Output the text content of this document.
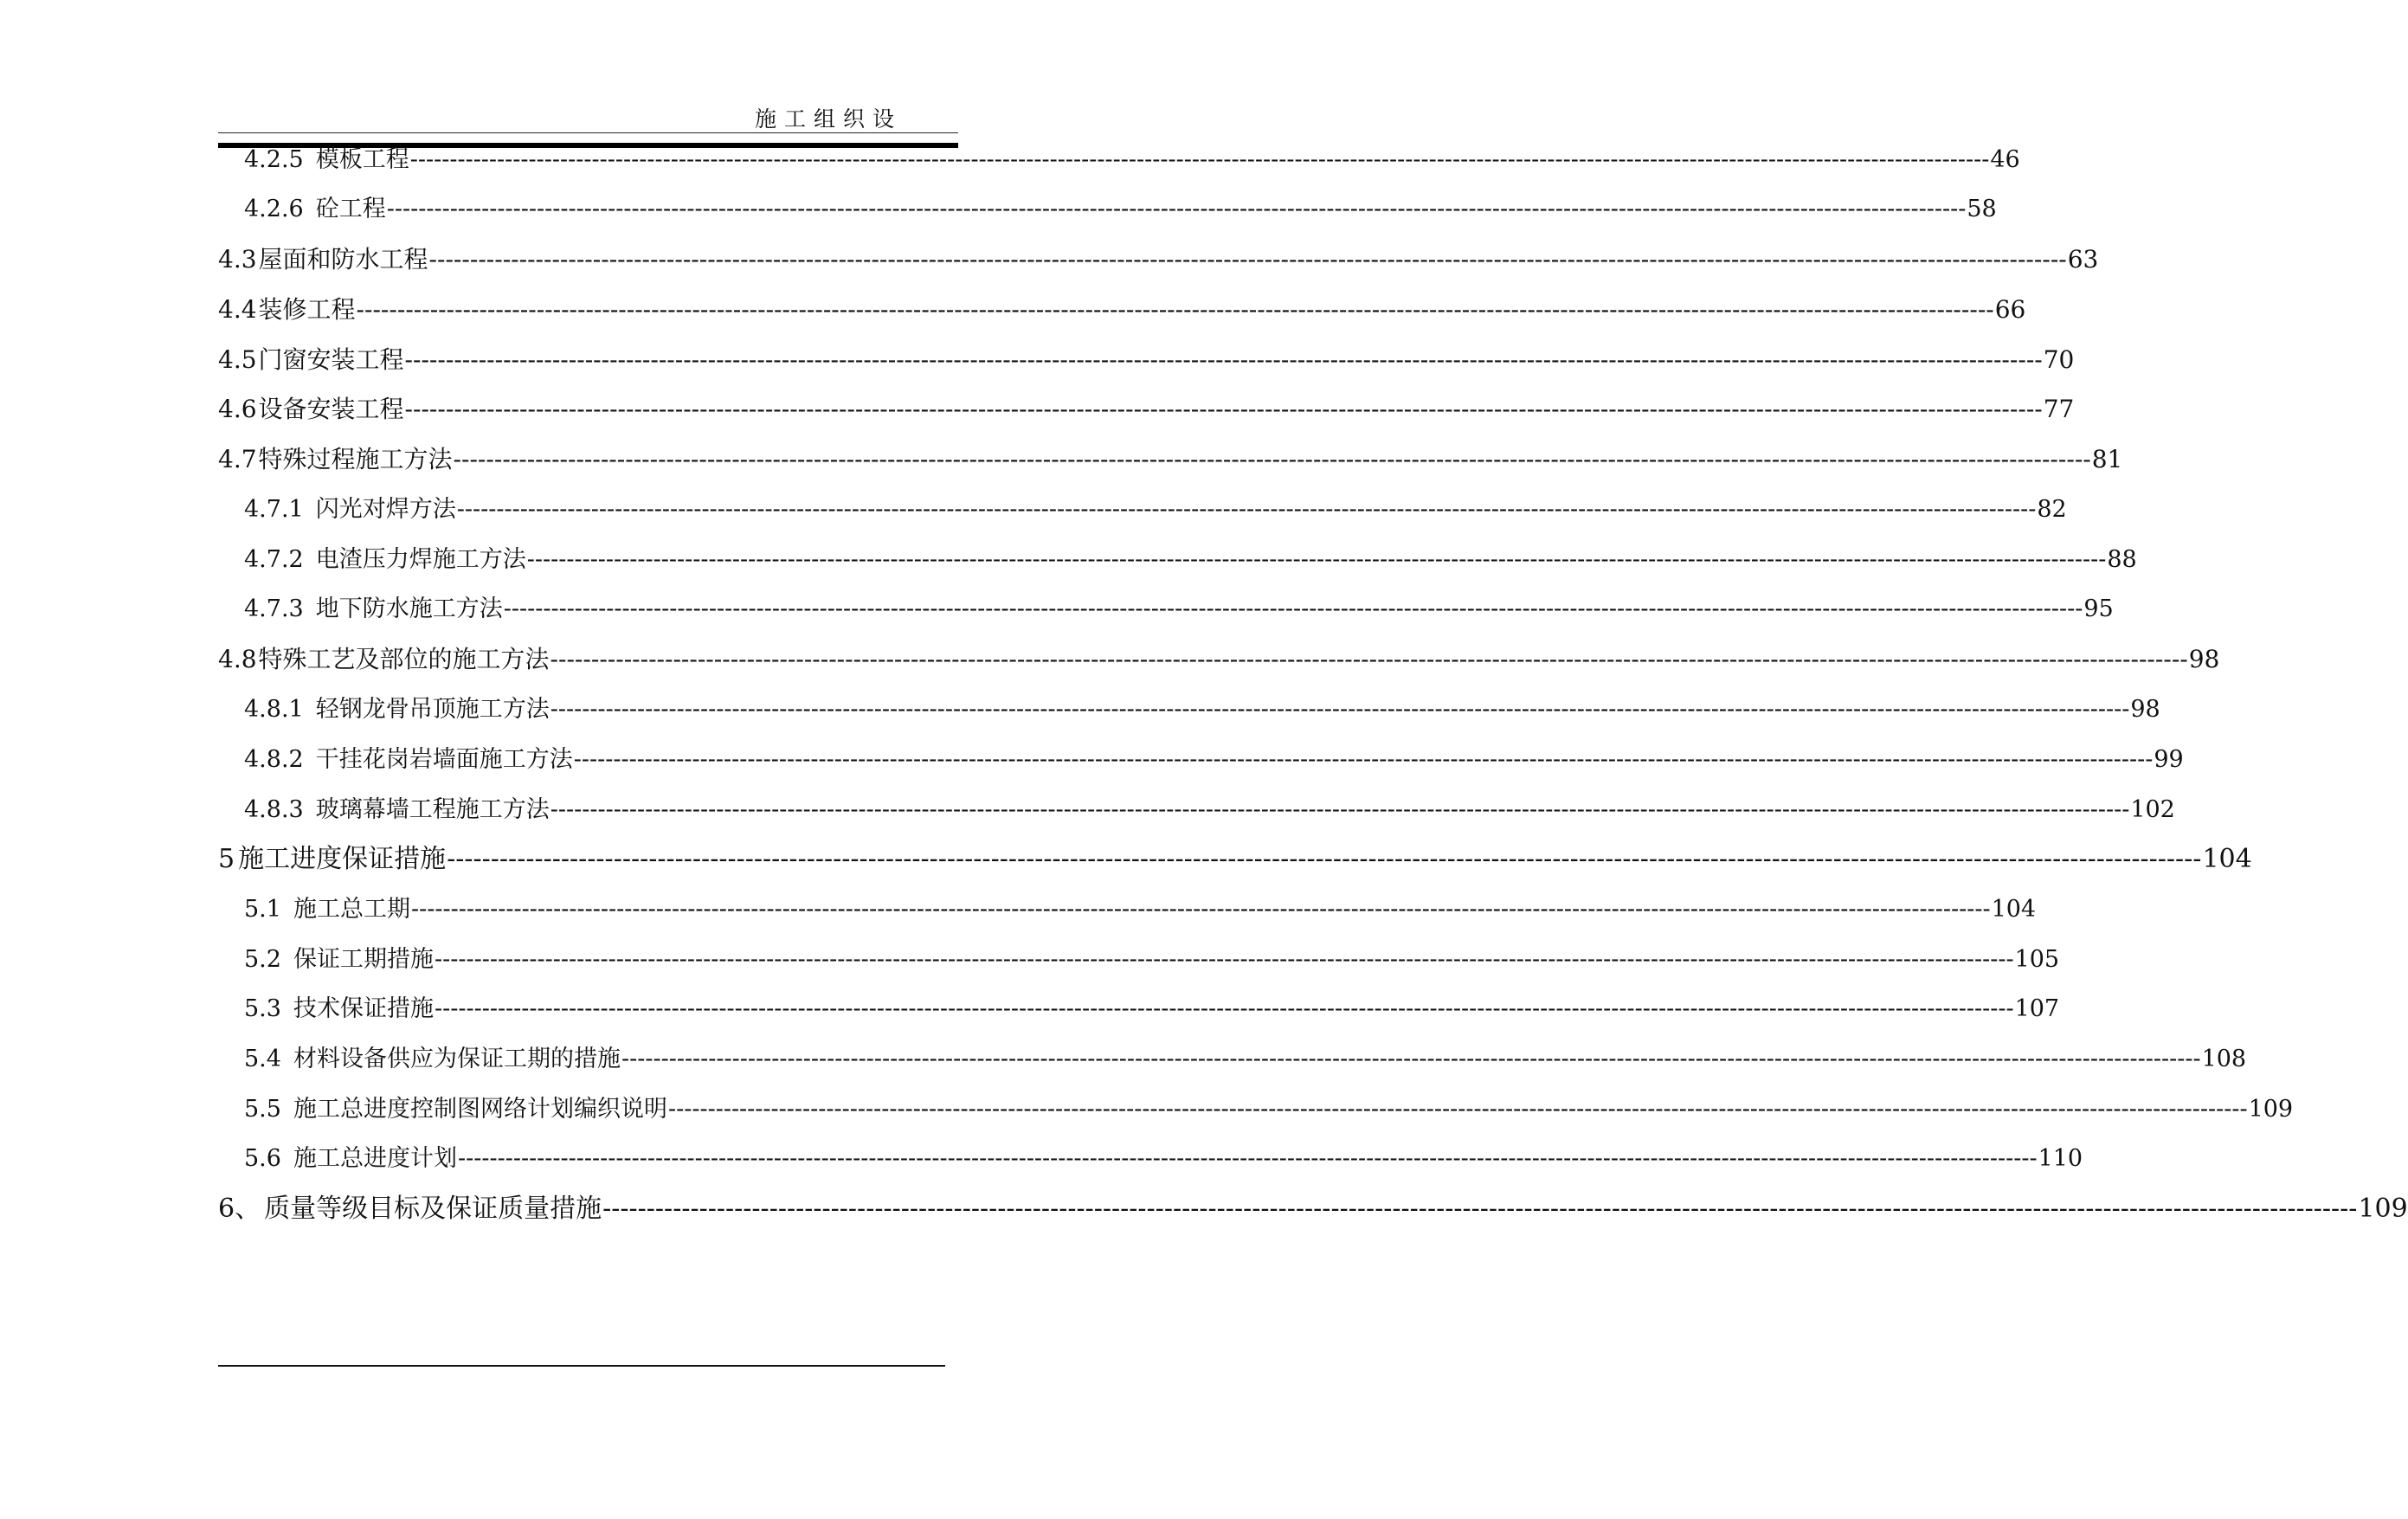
施工组织设
4.2.5 模板工程 -------------------------------------------------------------------------------------------------------------------------------------------------------------------------------------------------------- 46
4.2.6 砼工程 -------------------------------------------------------------------------------------------------------------------------------------------------------------------------------------------------------- 58
4.3 屋面和防水工程 -------------------------------------------------------------------------------------------------------------------------------------------------------------------------------------------------------- 63
4.4 装修工程 -------------------------------------------------------------------------------------------------------------------------------------------------------------------------------------------------------- 66
4.5 门窗安装工程 -------------------------------------------------------------------------------------------------------------------------------------------------------------------------------------------------------- 70
4.6 设备安装工程 -------------------------------------------------------------------------------------------------------------------------------------------------------------------------------------------------------- 77
4.7 特殊过程施工方法 -------------------------------------------------------------------------------------------------------------------------------------------------------------------------------------------------------- 81
4.7.1 闪光对焊方法 -------------------------------------------------------------------------------------------------------------------------------------------------------------------------------------------------------- 82
4.7.2 电渣压力焊施工方法 -------------------------------------------------------------------------------------------------------------------------------------------------------------------------------------------------------- 88
4.7.3 地下防水施工方法 -------------------------------------------------------------------------------------------------------------------------------------------------------------------------------------------------------- 95
4.8 特殊工艺及部位的施工方法 -------------------------------------------------------------------------------------------------------------------------------------------------------------------------------------------------------- 98
4.8.1 轻钢龙骨吊顶施工方法 -------------------------------------------------------------------------------------------------------------------------------------------------------------------------------------------------------- 98
4.8.2 干挂花岗岩墙面施工方法 -------------------------------------------------------------------------------------------------------------------------------------------------------------------------------------------------------- 99
4.8.3 玻璃幕墙工程施工方法 -------------------------------------------------------------------------------------------------------------------------------------------------------------------------------------------------------- 102
5 施工进度保证措施 -------------------------------------------------------------------------------------------------------------------------------------------------------------------------------------------------------- 104
5.1 施工总工期 -------------------------------------------------------------------------------------------------------------------------------------------------------------------------------------------------------- 104
5.2 保证工期措施 -------------------------------------------------------------------------------------------------------------------------------------------------------------------------------------------------------- 105
5.3 技术保证措施 -------------------------------------------------------------------------------------------------------------------------------------------------------------------------------------------------------- 107
5.4 材料设备供应为保证工期的措施 -------------------------------------------------------------------------------------------------------------------------------------------------------------------------------------------------------- 108
5.5 施工总进度控制图网络计划编织说明 -------------------------------------------------------------------------------------------------------------------------------------------------------------------------------------------------------- 109
5.6 施工总进度计划 -------------------------------------------------------------------------------------------------------------------------------------------------------------------------------------------------------- 110
6、 质量等级目标及保证质量措施 -------------------------------------------------------------------------------------------------------------------------------------------------------------------------------------------------------- 109
